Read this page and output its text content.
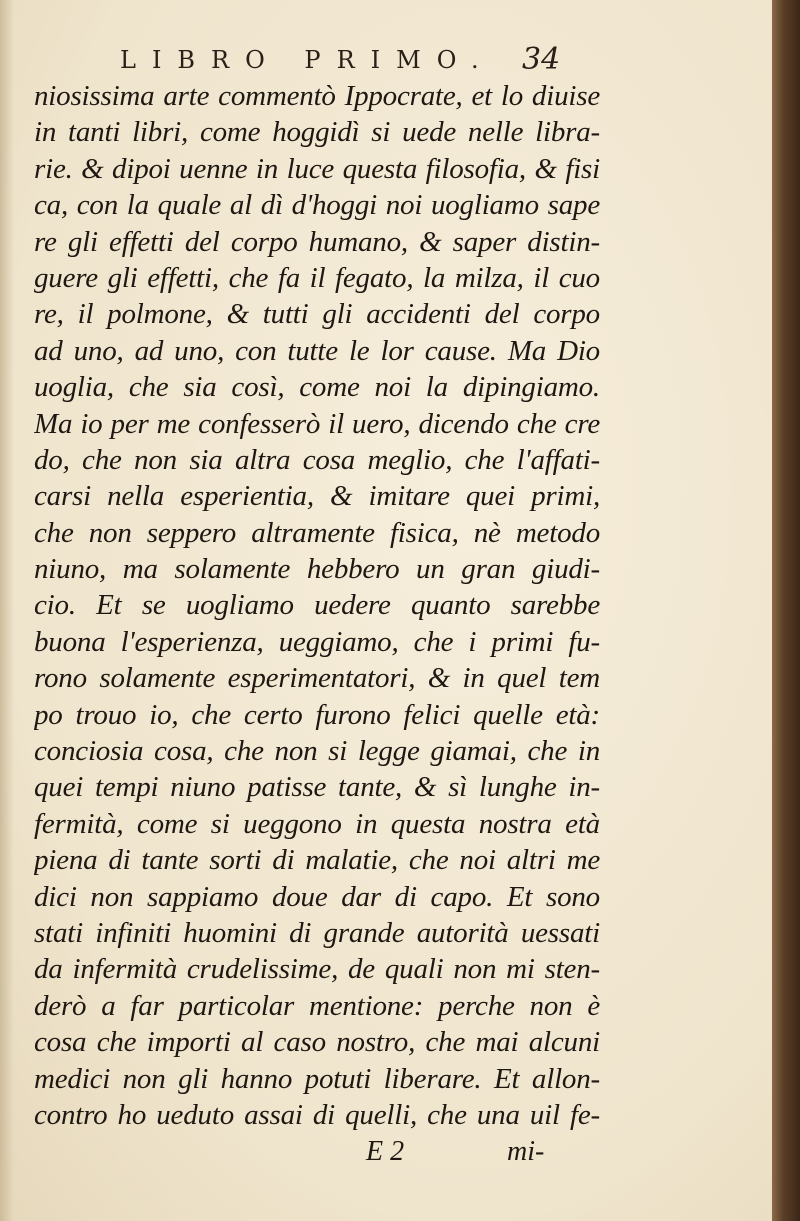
LIBRO PRIMO. 34
niosissima arte commentò Ippocrate, et lo diuise
in tanti libri, come hoggidì si uede nelle libra-
rie. & dipoi uenne in luce questa filosofia, & fisi
ca, con la quale al dì d'hoggi noi uogliamo sape
re gli effetti del corpo humano, & saper distin-
guere gli effetti, che fa il fegato, la milza, il cuo
re, il polmone, & tutti gli accidenti del corpo
ad uno, ad uno, con tutte le lor cause. Ma Dio
uoglia, che sia così, come noi la dipingiamo.
Ma io per me confesserò il uero, dicendo che cre
do, che non sia altra cosa meglio, che l'affati-
carsi nella esperientia, & imitare quei primi,
che non seppero altramente fisica, nè metodo
niuno, ma solamente hebbero un gran giudi-
cio. Et se uogliamo uedere quanto sarebbe
buona l'esperienza, ueggiamo, che i primi fu-
rono solamente esperimentatori, & in quel tem
po trouo io, che certo furono felici quelle età:
conciosia cosa, che non si legge giamai, che in
quei tempi niuno patisse tante, & sì lunghe in-
fermità, come si ueggono in questa nostra età
piena di tante sorti di malatie, che noi altri me
dici non sappiamo doue dar di capo. Et sono
stati infiniti huomini di grande autorità uessati
da infermità crudelissime, de quali non mi sten-
derò a far particolar mentione: perche non è
cosa che importi al caso nostro, che mai alcuni
medici non gli hanno potuti liberare. Et allon-
contro ho ueduto assai di quelli, che una uil fe-
E 2	mi-
